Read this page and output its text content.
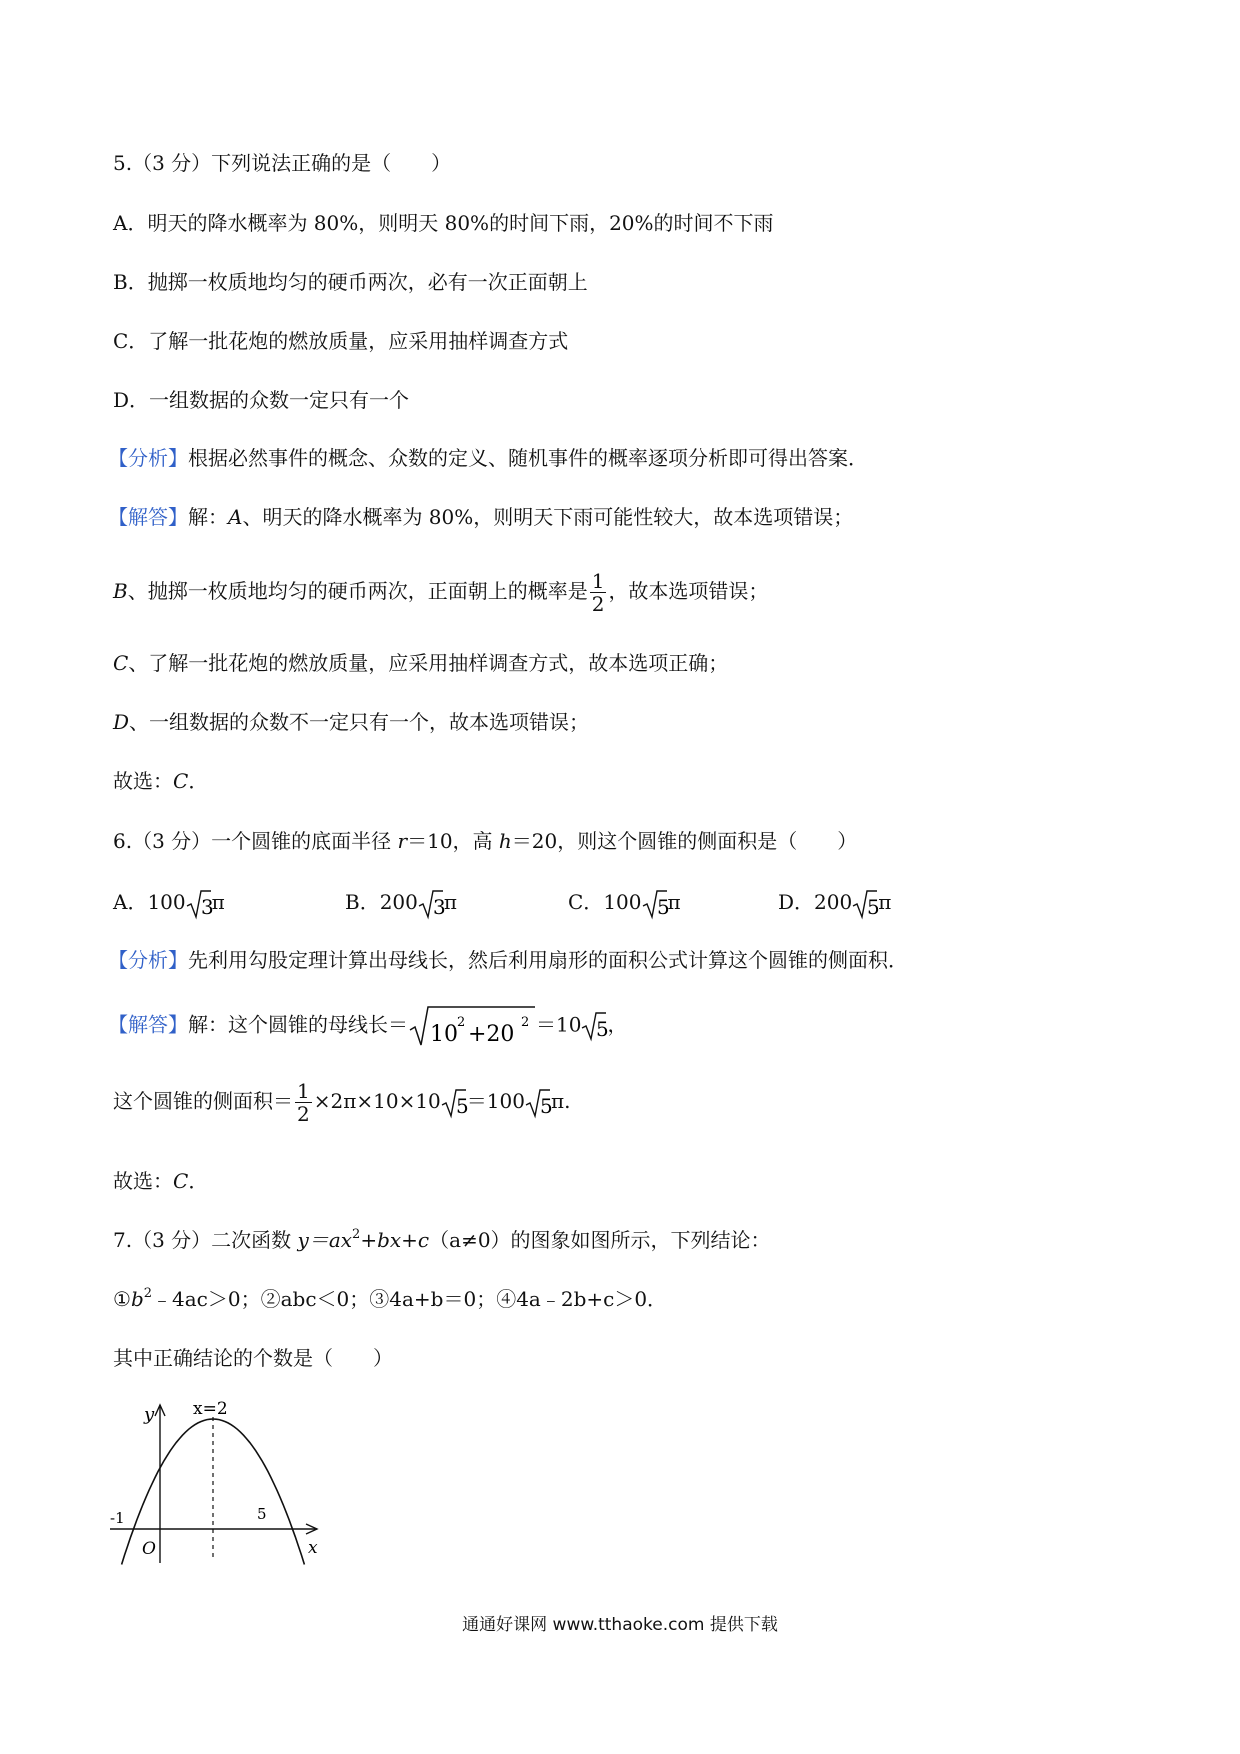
5.（3 分）下列说法正确的是（　　）
A．明天的降水概率为 80%，则明天 80%的时间下雨，20%的时间不下雨
B．抛掷一枚质地均匀的硬币两次，必有一次正面朝上
C．了解一批花炮的燃放质量，应采用抽样调查方式
D．一组数据的众数一定只有一个
【分析】根据必然事件的概念、众数的定义、随机事件的概率逐项分析即可得出答案．
【解答】解：A、明天的降水概率为 80%，则明天下雨可能性较大，故本选项错误；
B、抛掷一枚质地均匀的硬币两次，正面朝上的概率是 $\frac{1}{2}$ ，故本选项错误；
C、了解一批花炮的燃放质量，应采用抽样调查方式，故本选项正确；
D、一组数据的众数不一定只有一个，故本选项错误；
故选：C．
6.（3 分）一个圆锥的底面半径 r＝10，高 h＝20，则这个圆锥的侧面积是（　　）
A．100 3
π	B．200 3
π	C．100 5
π	D．200 5
π
【分析】先利用勾股定理计算出母线长，然后利用扇形的面积公式计算这个圆锥的侧面积．
【解答】解：这个圆锥的母线长＝ 10 2 +20 2 ＝10 5
，
这个圆锥的侧面积＝ $\frac{1}{2} \times 2\pi\times 10\times 10$ 5
＝100 5
π.
故选：C．
7.（3 分）二次函数 $y=ax^2+bx+c(a\ne 0)$的图象如图所示，下列结论：
$①b^2﹣4ac>0$；②abc＜0；③4a+b＝0；④4a﹣2b+c＞0．
其中正确结论的个数是（　　）
y x=2
-1	5
O	x
通通好课网 www.tthaoke.com 提供下载
